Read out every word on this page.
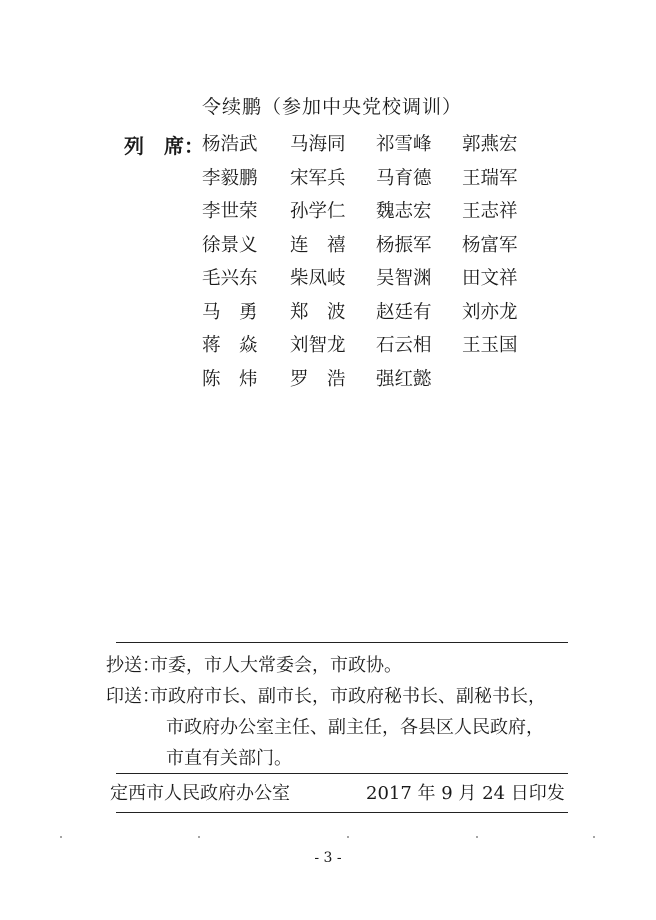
令续鹏（参加中央党校调训）
列　席：
杨浩武	马海同	祁雪峰	郭燕宏
李毅鹏	宋军兵	马育德	王瑞军
李世荣	孙学仁	魏志宏	王志祥
徐景义	连　禧	杨振军	杨富军
毛兴东	柴凤岐	吴智渊	田文祥
马　勇	郑　波	赵廷有	刘亦龙
蒋　焱	刘智龙	石云相	王玉国
陈　炜	罗　浩	强红懿
抄送：市委，市人大常委会，市政协。
印送：市政府市长、副市长，市政府秘书长、副秘书长，
市政府办公室主任、副主任，各县区人民政府，
市直有关部门。
定西市人民政府办公室	2017 年 9 月 24 日印发
- 3 -
